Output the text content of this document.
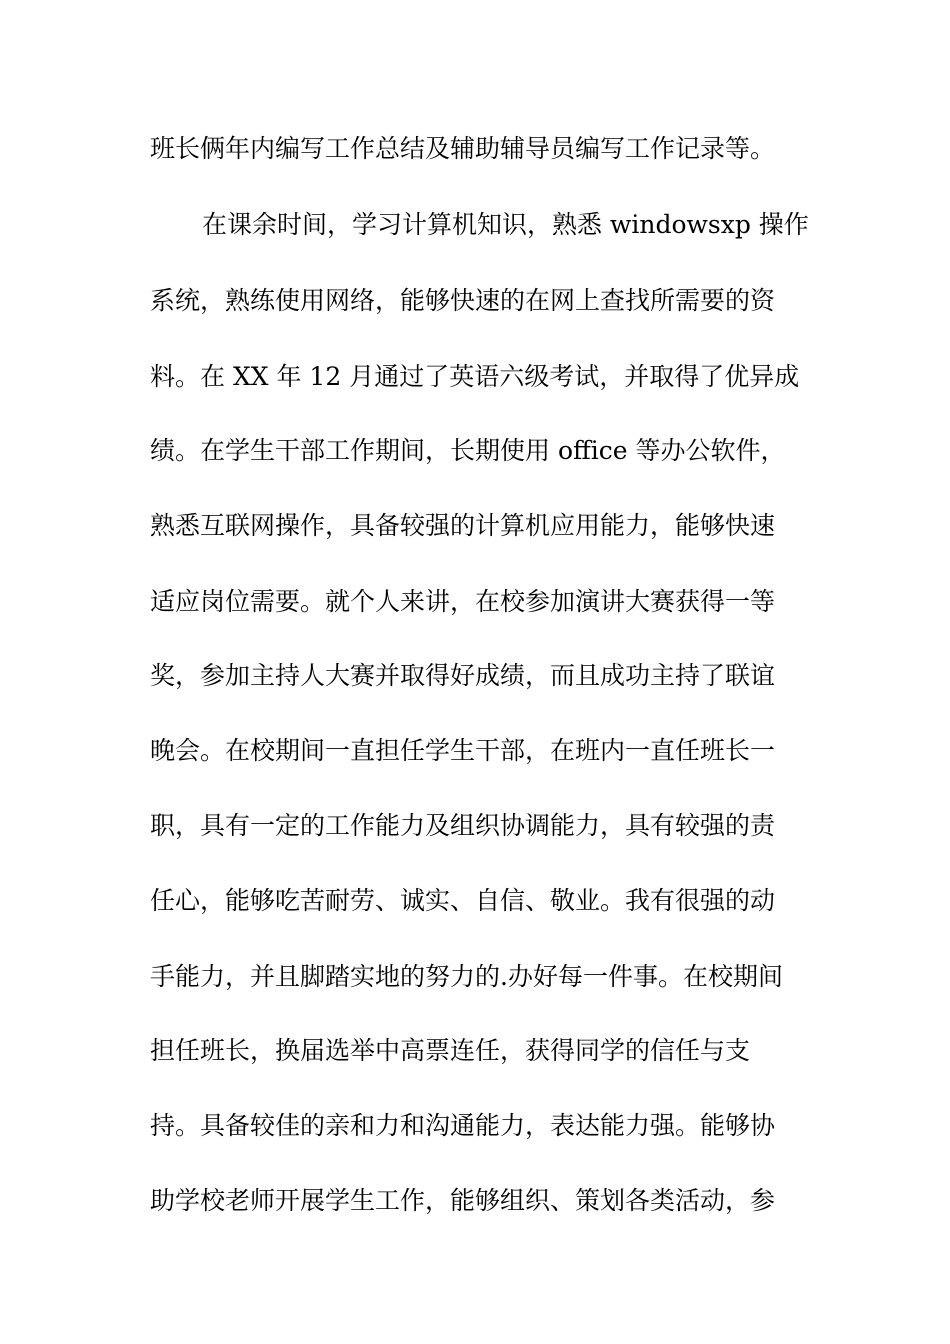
班长俩年内编写工作总结及辅助辅导员编写工作记录等。
在课余时间，学习计算机知识，熟悉 windowsxp 操作
系统，熟练使用网络，能够快速的在网上查找所需要的资
料。在 XX 年 12 月通过了英语六级考试，并取得了优异成
绩。在学生干部工作期间，长期使用 office 等办公软件，
熟悉互联网操作，具备较强的计算机应用能力，能够快速
适应岗位需要。就个人来讲，在校参加演讲大赛获得一等
奖，参加主持人大赛并取得好成绩，而且成功主持了联谊
晚会。在校期间一直担任学生干部，在班内一直任班长一
职，具有一定的工作能力及组织协调能力，具有较强的责
任心，能够吃苦耐劳、诚实、自信、敬业。我有很强的动
手能力，并且脚踏实地的努力的.办好每一件事。在校期间
担任班长，换届选举中高票连任，获得同学的信任与支
持。具备较佳的亲和力和沟通能力，表达能力强。能够协
助学校老师开展学生工作，能够组织、策划各类活动，参
